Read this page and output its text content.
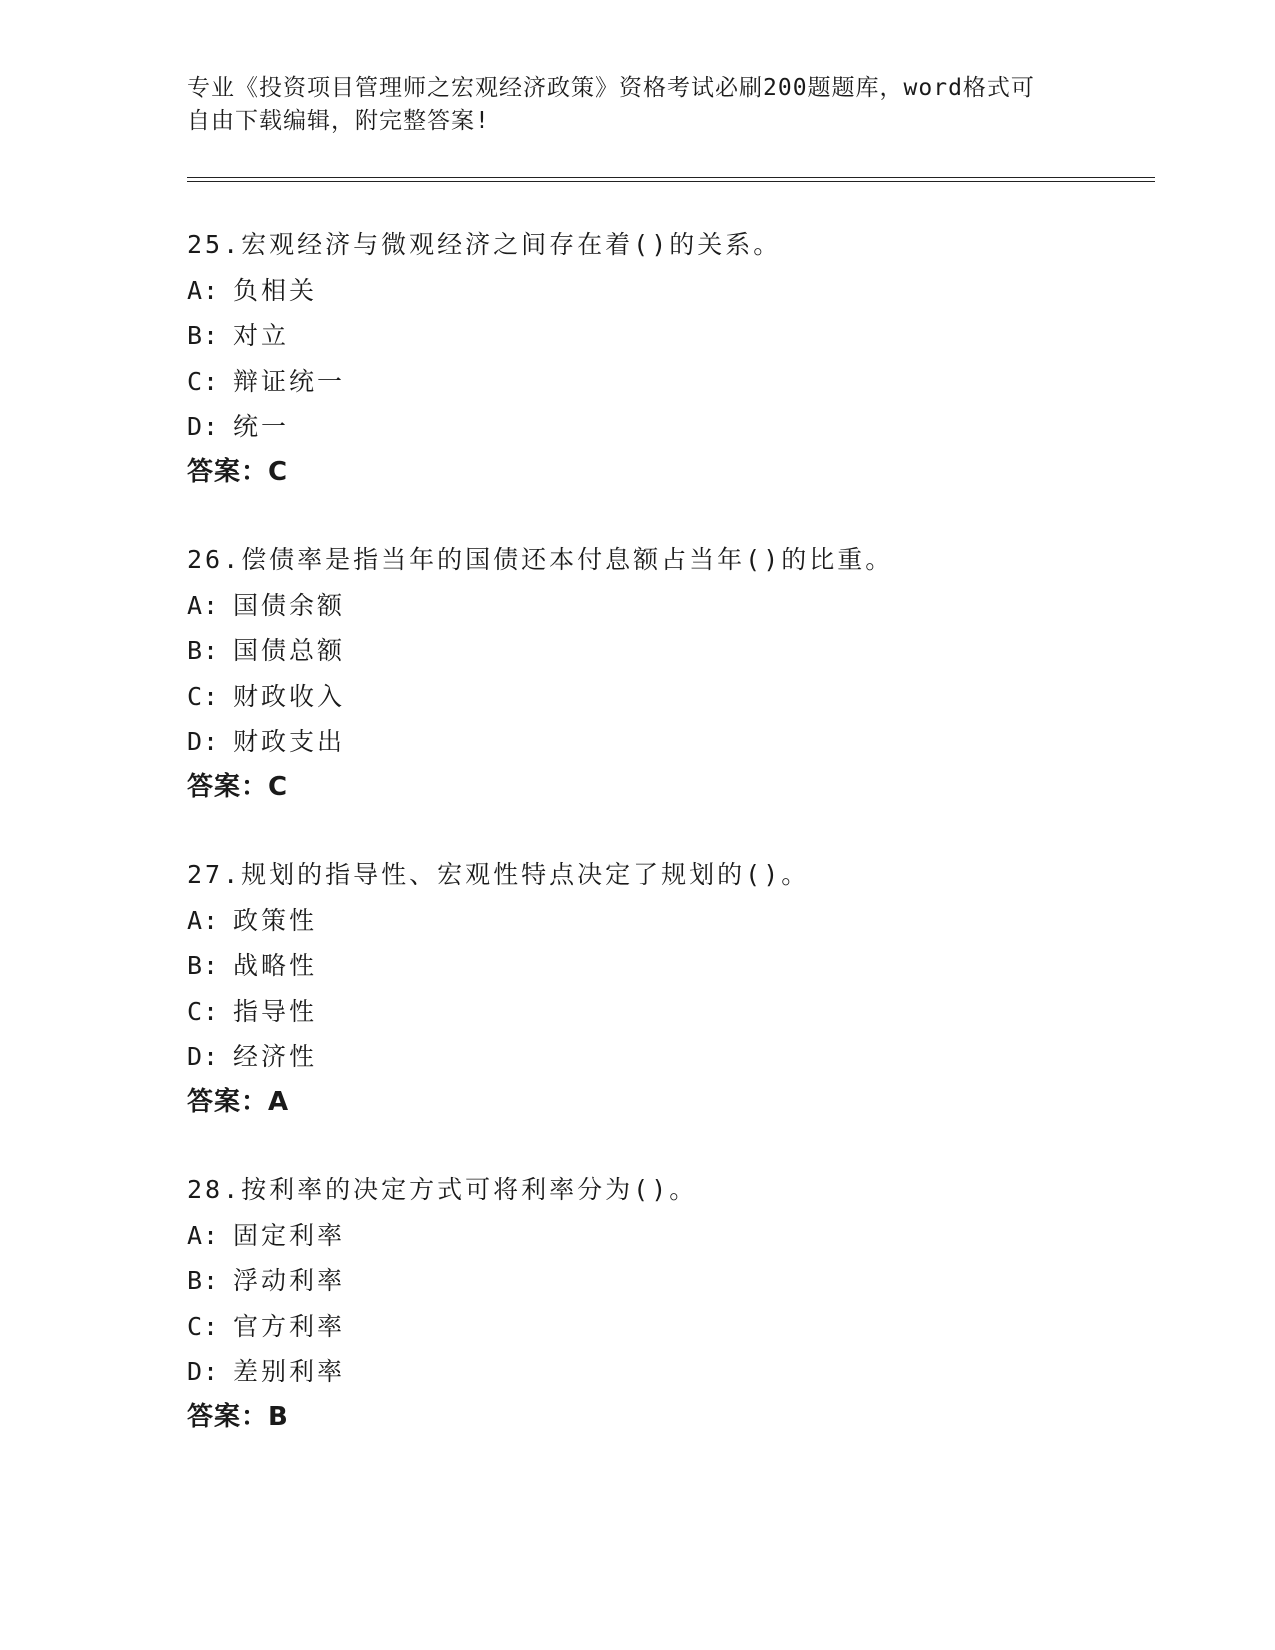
专业《投资项目管理师之宏观经济政策》资格考试必刷200题题库，word格式可
自由下载编辑，附完整答案!
25.宏观经济与微观经济之间存在着()的关系。
A: 负相关
B: 对立
C: 辩证统一
D: 统一
答案：C
26.偿债率是指当年的国债还本付息额占当年()的比重。
A: 国债余额
B: 国债总额
C: 财政收入
D: 财政支出
答案：C
27.规划的指导性、宏观性特点决定了规划的()。
A: 政策性
B: 战略性
C: 指导性
D: 经济性
答案：A
28.按利率的决定方式可将利率分为()。
A: 固定利率
B: 浮动利率
C: 官方利率
D: 差别利率
答案：B
